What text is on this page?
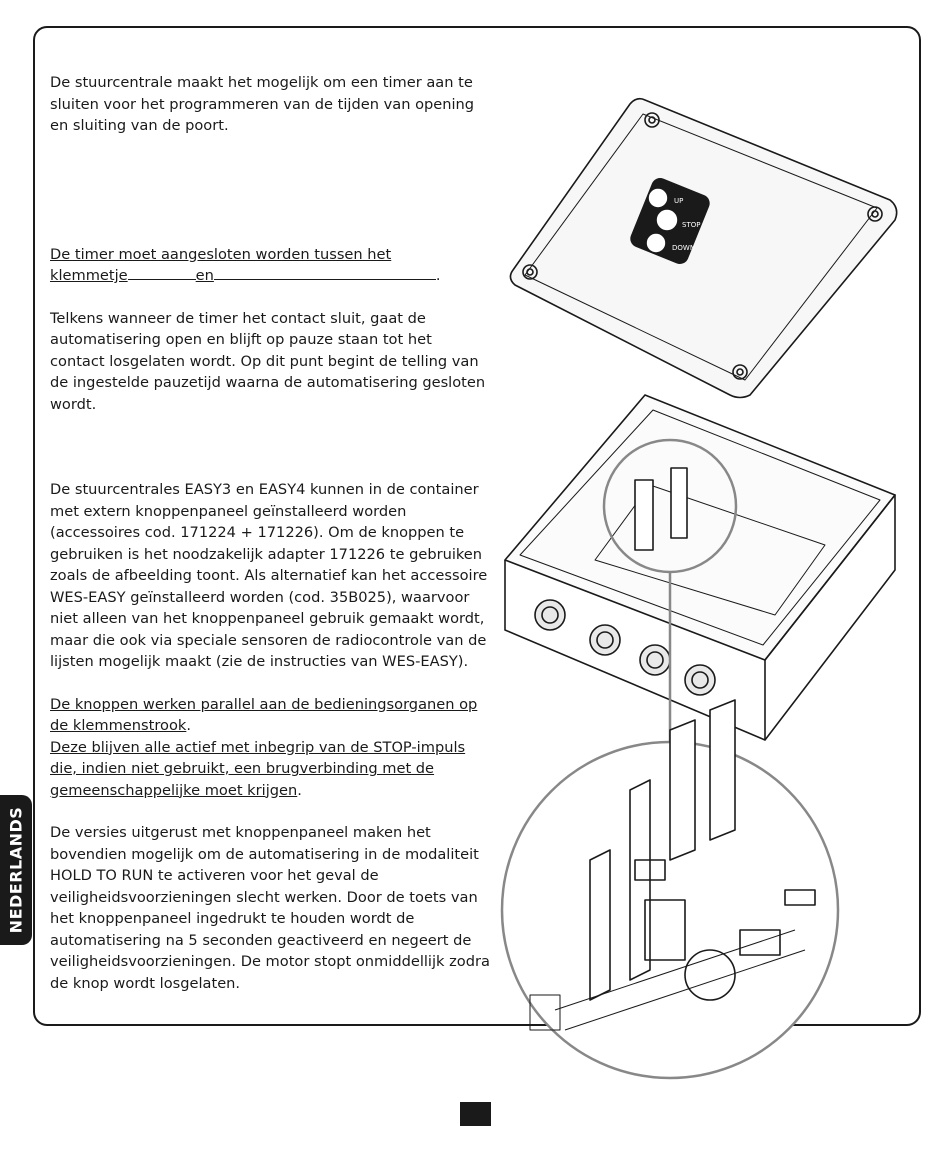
NEDERLANDS

De stuurcentrale maakt het mogelijk om een timer aan te sluiten voor het programmeren van de tijden van opening en sluiting van de poort.

De timer moet aangesloten worden tussen het
klemmetje	en	.

Telkens wanneer de timer het contact sluit, gaat de automatisering open en blijft op pauze staan tot het contact losgelaten wordt. Op dit punt begint de telling van de ingestelde pauzetijd waarna de automatisering gesloten wordt.

De stuurcentrales EASY3 en EASY4 kunnen in de container met extern knoppenpaneel geïnstalleerd worden (accessoires cod. 171224 + 171226). Om de knoppen te gebruiken is het noodzakelijk adapter 171226 te gebruiken zoals de afbeelding toont. Als alternatief kan het accessoire WES-EASY geïnstalleerd worden (cod. 35B025), waarvoor niet alleen van het knoppenpaneel gebruik gemaakt wordt, maar die ook via speciale sensoren de radiocontrole van de lijsten mogelijk maakt (zie de instructies van WES-EASY).

De knoppen werken parallel aan de bedieningsorganen op de klemmenstrook.
Deze blijven alle actief met inbegrip van de STOP-impuls die, indien niet gebruikt, een brugverbinding met de gemeenschappelijke moet krijgen.

De versies uitgerust met knoppenpaneel maken het bovendien mogelijk om de automatisering in de modaliteit HOLD TO RUN te activeren voor het geval de veiligheidsvoorzieningen slecht werken. Door de toets van het knoppenpaneel ingedrukt te houden wordt de automatisering na 5 seconden geactiveerd en negeert de veiligheidsvoorzieningen. De motor stopt onmiddellijk zodra de knop wordt losgelaten.

UP
STOP
DOWN
